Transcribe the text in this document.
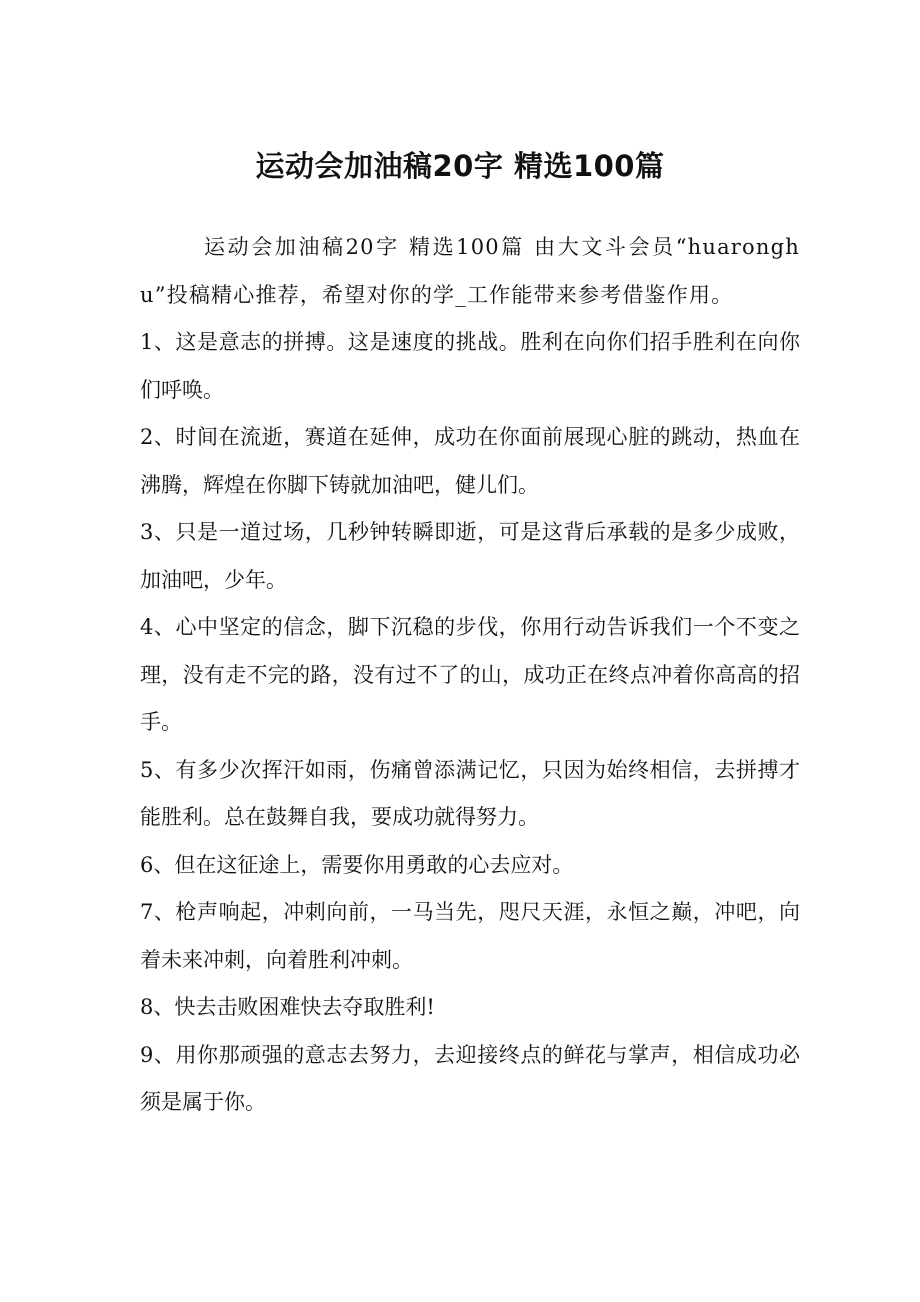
运动会加油稿20字 精选100篇

运动会加油稿20字 精选100篇 由大文斗会员“huaronghu”投稿精心推荐，希望对你的学_工作能带来参考借鉴作用。

1、这是意志的拼搏。这是速度的挑战。胜利在向你们招手胜利在向你们呼唤。

2、时间在流逝，赛道在延伸，成功在你面前展现心脏的跳动，热血在沸腾，辉煌在你脚下铸就加油吧，健儿们。

3、只是一道过场，几秒钟转瞬即逝，可是这背后承载的是多少成败，加油吧，少年。

4、心中坚定的信念，脚下沉稳的步伐，你用行动告诉我们一个不变之理，没有走不完的路，没有过不了的山，成功正在终点冲着你高高的招手。

5、有多少次挥汗如雨，伤痛曾添满记忆，只因为始终相信，去拼搏才能胜利。总在鼓舞自我，要成功就得努力。

6、但在这征途上，需要你用勇敢的心去应对。

7、枪声响起，冲刺向前，一马当先，咫尺天涯，永恒之巅，冲吧，向着未来冲刺，向着胜利冲刺。

8、快去击败困难快去夺取胜利!

9、用你那顽强的意志去努力，去迎接终点的鲜花与掌声，相信成功必须是属于你。
